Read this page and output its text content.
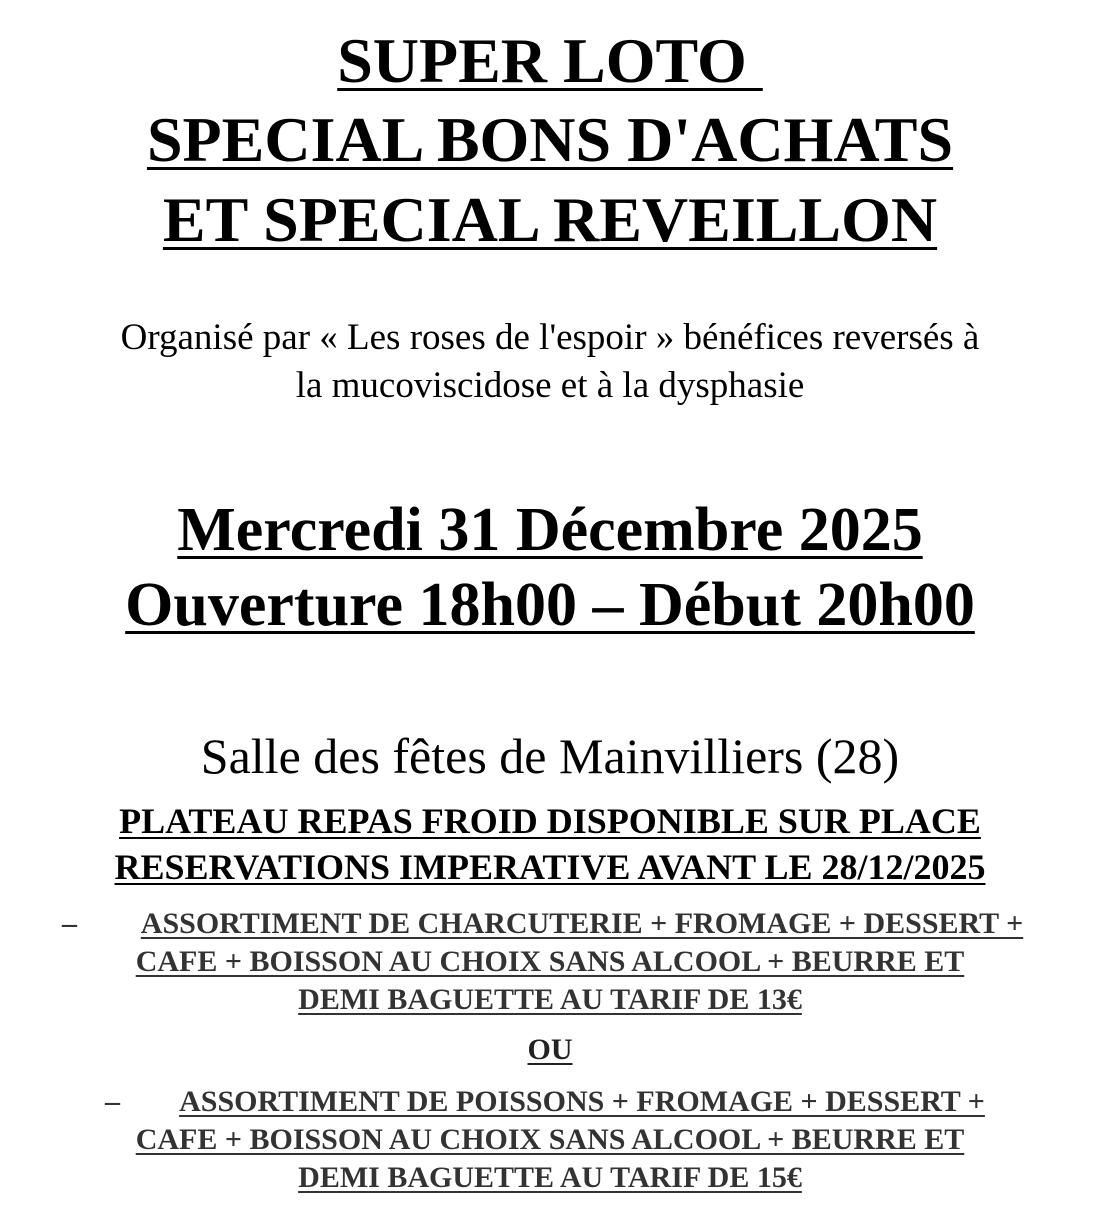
SUPER LOTO
SPECIAL BONS D'ACHATS
ET SPECIAL REVEILLON
Organisé par « Les roses de l'espoir » bénéfices reversés à
la mucoviscidose et à la dysphasie
Mercredi 31 Décembre 2025
Ouverture 18h00 – Début 20h00
Salle des fêtes de Mainvilliers (28)
PLATEAU REPAS FROID DISPONIBLE SUR PLACE
RESERVATIONS IMPERATIVE AVANT LE 28/12/2025
–	ASSORTIMENT DE CHARCUTERIE + FROMAGE + DESSERT +
CAFE + BOISSON AU CHOIX SANS ALCOOL + BEURRE ET
DEMI BAGUETTE AU TARIF DE 13€
OU
–	ASSORTIMENT DE POISSONS + FROMAGE + DESSERT +
CAFE + BOISSON AU CHOIX SANS ALCOOL + BEURRE ET
DEMI BAGUETTE AU TARIF DE 15€
